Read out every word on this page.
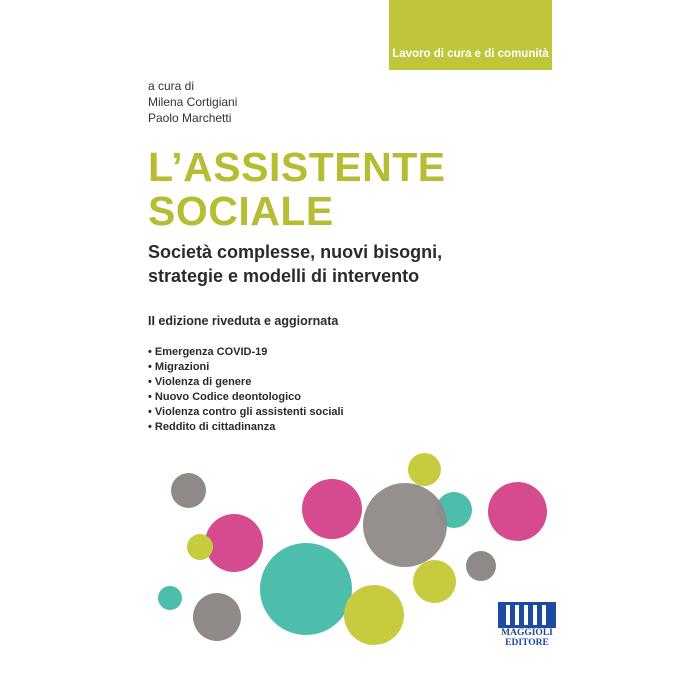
Lavoro di cura e di comunità
a cura di
Milena Cortigiani
Paolo Marchetti
L’ASSISTENTE
SOCIALE
Società complesse, nuovi bisogni,
strategie e modelli di intervento
II edizione riveduta e aggiornata
• Emergenza COVID-19
• Migrazioni
• Violenza di genere
• Nuovo Codice deontologico
• Violenza contro gli assistenti sociali
• Reddito di cittadinanza
MAGGIOLI
EDITORE
